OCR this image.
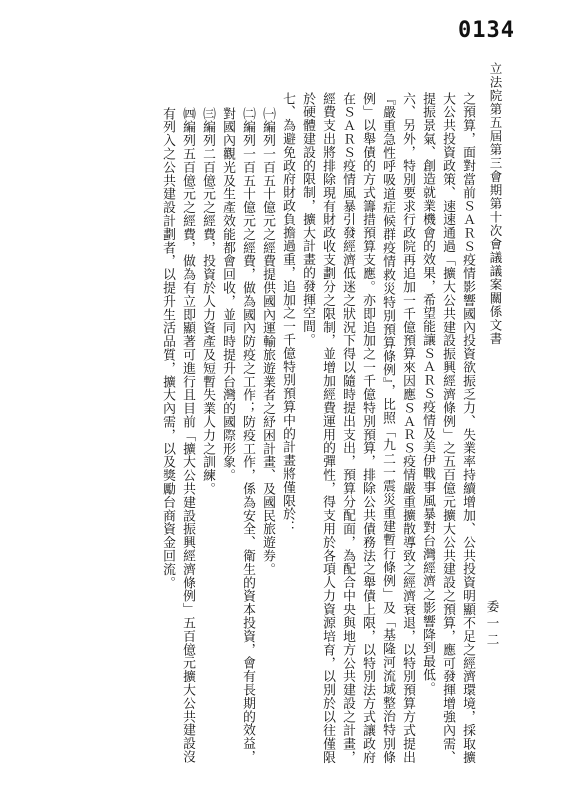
0134
立法院第五屆第三會期第十次會議議案關係文書
委一二

之預算，面對當前ＳＡＲＳ疫情影響國內投資欲振乏力、失業率持續增加、公共投資明顯不足之經濟環境，採取擴大公共投資政策、速速通過「擴大公共建設振興經濟條例」之五百億元擴大公共建設之預算，應可發揮增強內需、提振景氣、創造就業機會的效果，希望能讓ＳＡＲＳ疫情及美伊戰事風暴對台灣經濟之影響降到最低。

六、另外，特別要求行政院再追加一千億預算來因應ＳＡＲＳ疫情嚴重擴散導致之經濟衰退，以特別預算方式提出『嚴重急性呼吸道症候群疫情救災特別預算條例』，比照「九二一震災重建暫行條例」及「基隆河流域整治特別條例」以舉債的方式籌措預算支應。亦即追加之一千億特別預算，排除公共債務法之舉債上限，以特別法方式讓政府在ＳＡＲＳ疫情風暴引發經濟低迷之狀況下得以隨時提出支出，預算分配面，為配合中央與地方公共建設之計畫，經費支出將排除現有財政收支劃分之限制，並增加經費運用的彈性，得支用於各項人力資源培育，以別於以往僅限於硬體建設的限制，擴大計畫的發揮空間。

七、為避免政府財政負擔過重，追加之一千億特別預算中的計畫將僅限於：

㈠編列一百五十億元之經費提供國內運輸旅遊業者之紓困計畫、及國民旅遊券。

㈡編列一百五十億元之經費，做為國內防疫之工作；防疫工作，係為安全、衛生的資本投資，會有長期的效益，對國內觀光及生產效能都會回收，並同時提升台灣的國際形象。

㈢編列二百億元之經費，投資於人力資產及短暫失業人力之訓練。

㈣編列五百億元之經費，做為有立即顯著可進行且目前「擴大公共建設振興經濟條例」五百億元擴大公共建設沒有列入之公共建設計劃者，以提升生活品質，擴大內需，以及獎勵台商資金回流。
